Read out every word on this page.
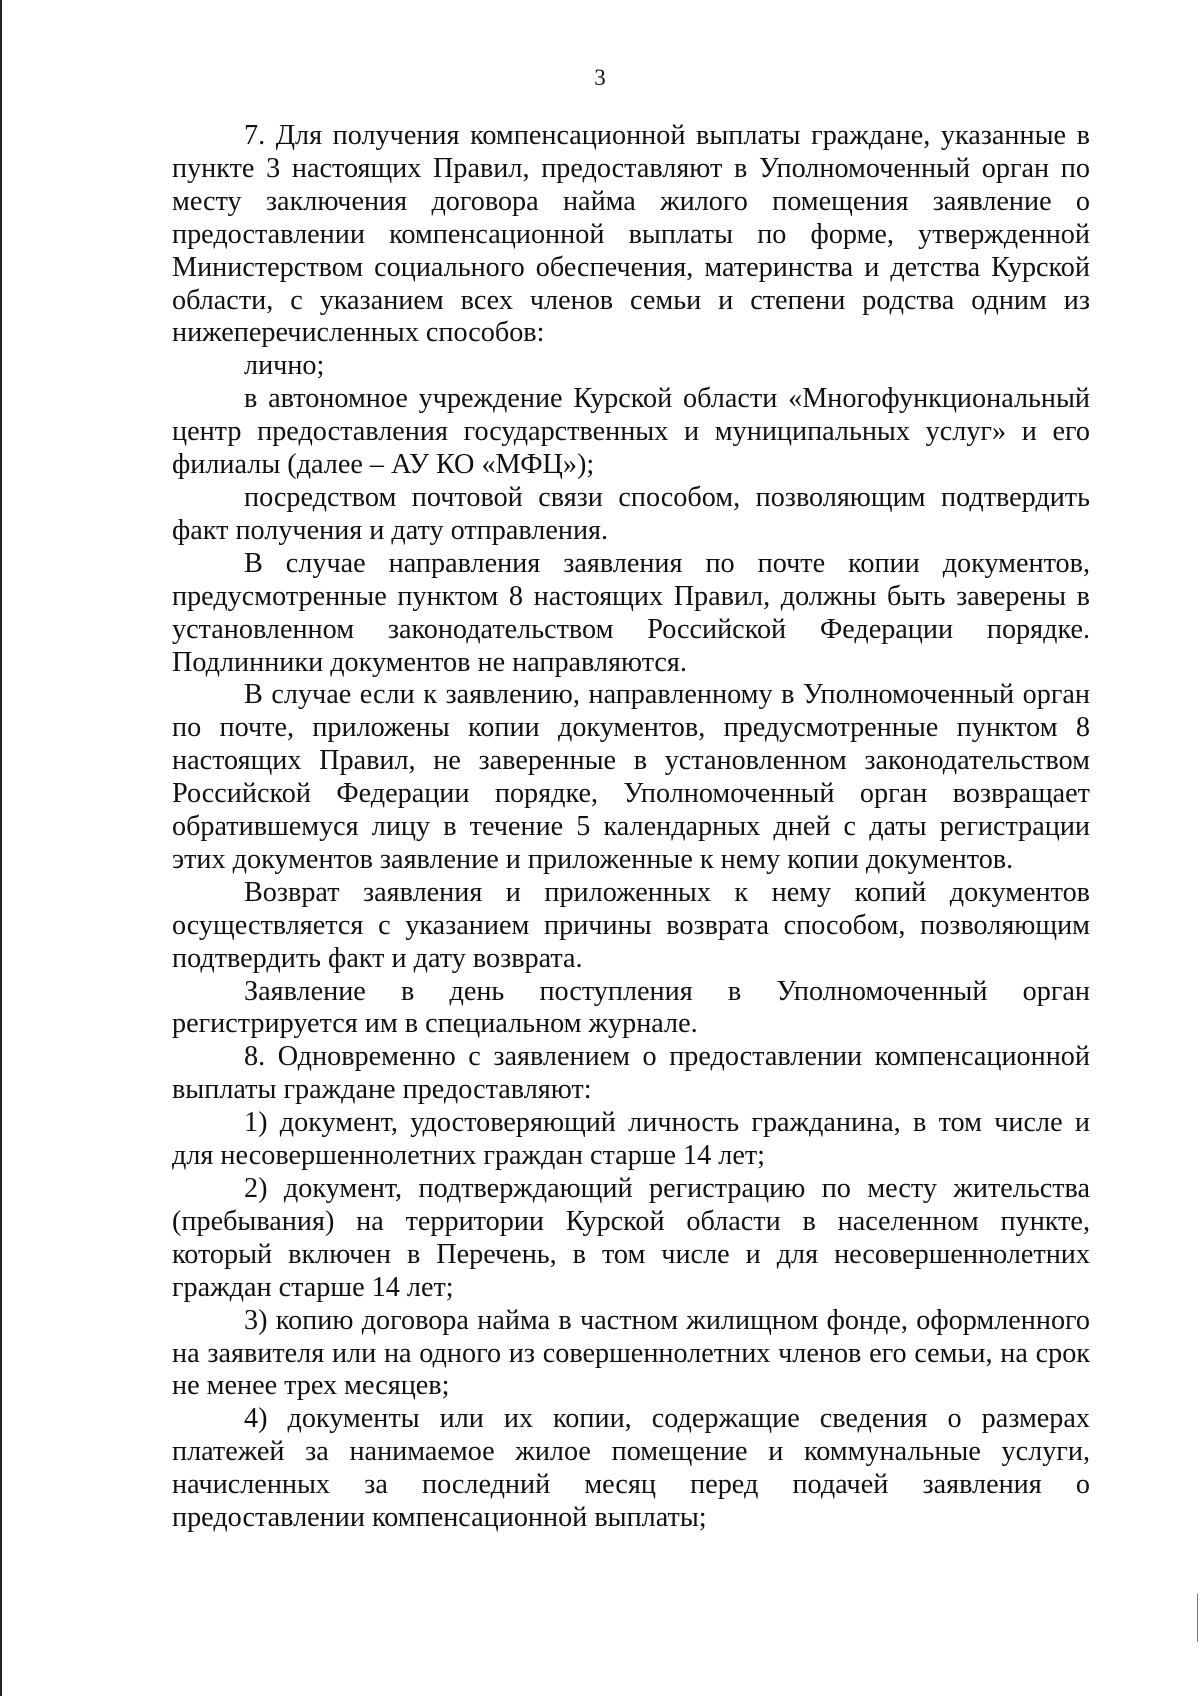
3

7. Для получения компенсационной выплаты граждане, указанные в пункте 3 настоящих Правил, предоставляют в Уполномоченный орган по месту заключения договора найма жилого помещения заявление о предоставлении компенсационной выплаты по форме, утвержденной Министерством социального обеспечения, материнства и детства Курской области, с указанием всех членов семьи и степени родства одним из нижеперечисленных способов:

лично;

в автономное учреждение Курской области «Многофункциональный центр предоставления государственных и муниципальных услуг» и его филиалы (далее – АУ КО «МФЦ»);

посредством почтовой связи способом, позволяющим подтвердить факт получения и дату отправления.

В случае направления заявления по почте копии документов, предусмотренные пунктом 8 настоящих Правил, должны быть заверены в установленном законодательством Российской Федерации порядке. Подлинники документов не направляются.

В случае если к заявлению, направленному в Уполномоченный орган по почте, приложены копии документов, предусмотренные пунктом 8 настоящих Правил, не заверенные в установленном законодательством Российской Федерации порядке, Уполномоченный орган возвращает обратившемуся лицу в течение 5 календарных дней с даты регистрации этих документов заявление и приложенные к нему копии документов.

Возврат заявления и приложенных к нему копий документов осуществляется с указанием причины возврата способом, позволяющим подтвердить факт и дату возврата.

Заявление в день поступления в Уполномоченный орган регистрируется им в специальном журнале.

8. Одновременно с заявлением о предоставлении компенсационной выплаты граждане предоставляют:

1) документ, удостоверяющий личность гражданина, в том числе и для несовершеннолетних граждан старше 14 лет;

2) документ, подтверждающий регистрацию по месту жительства (пребывания) на территории Курской области в населенном пункте, который включен в Перечень, в том числе и для несовершеннолетних граждан старше 14 лет;

3) копию договора найма в частном жилищном фонде, оформленного на заявителя или на одного из совершеннолетних членов его семьи, на срок не менее трех месяцев;

4) документы или их копии, содержащие сведения о размерах платежей за нанимаемое жилое помещение и коммунальные услуги, начисленных за последний месяц перед подачей заявления о предоставлении компенсационной выплаты;
